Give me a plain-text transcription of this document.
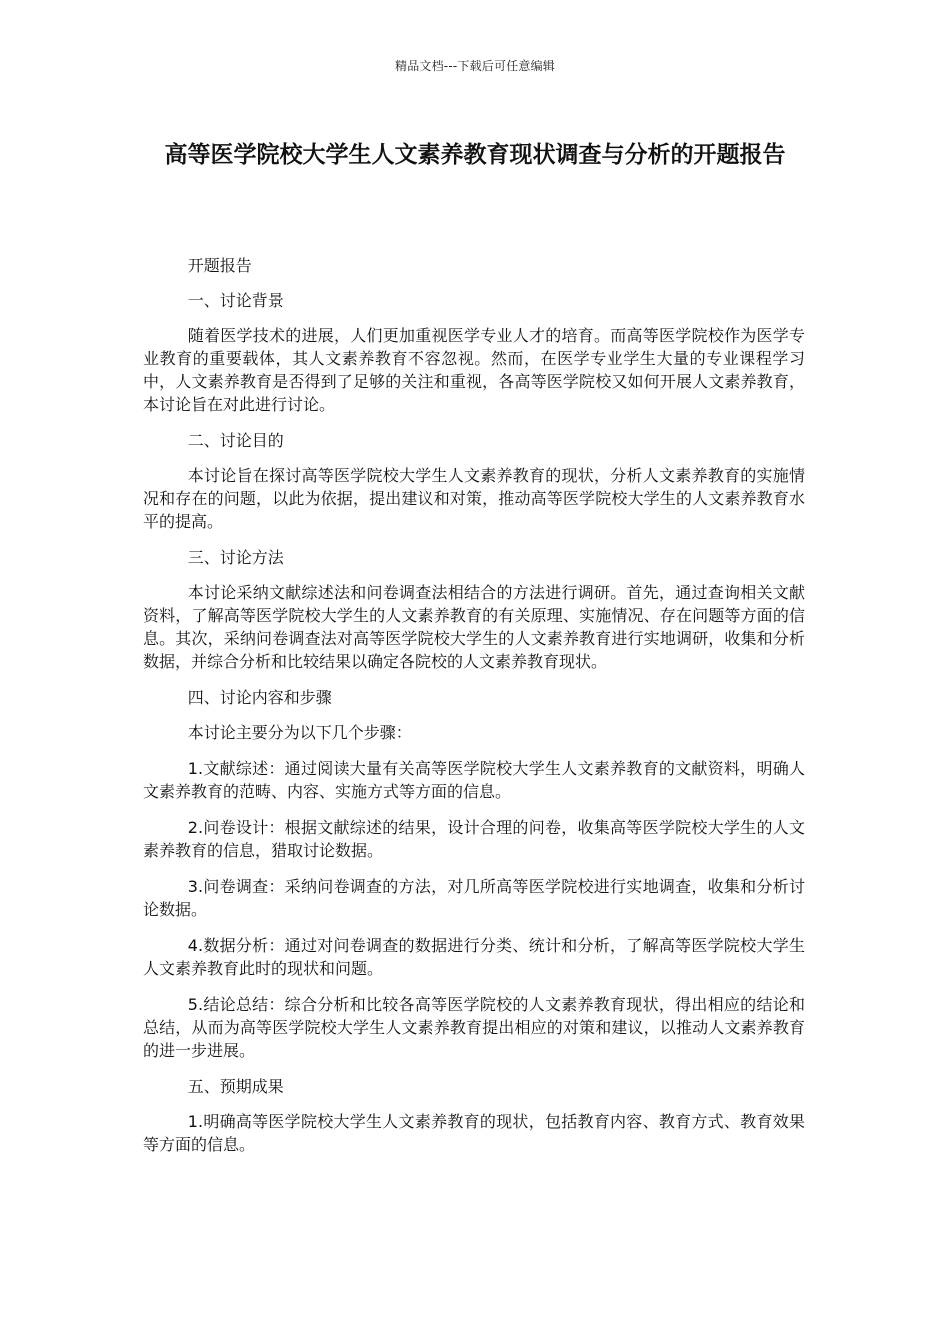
精品文档---下载后可任意编辑
高等医学院校大学生人文素养教育现状调查与分析的开题报告

开题报告

一、讨论背景

随着医学技术的进展，人们更加重视医学专业人才的培育。而高等医学院校作为医学专业教育的重要载体，其人文素养教育不容忽视。然而，在医学专业学生大量的专业课程学习中，人文素养教育是否得到了足够的关注和重视，各高等医学院校又如何开展人文素养教育，本讨论旨在对此进行讨论。

二、讨论目的

本讨论旨在探讨高等医学院校大学生人文素养教育的现状，分析人文素养教育的实施情况和存在的问题，以此为依据，提出建议和对策，推动高等医学院校大学生的人文素养教育水平的提高。

三、讨论方法

本讨论采纳文献综述法和问卷调查法相结合的方法进行调研。首先，通过查询相关文献资料，了解高等医学院校大学生的人文素养教育的有关原理、实施情况、存在问题等方面的信息。其次，采纳问卷调查法对高等医学院校大学生的人文素养教育进行实地调研，收集和分析数据，并综合分析和比较结果以确定各院校的人文素养教育现状。

四、讨论内容和步骤

本讨论主要分为以下几个步骤：

1.文献综述：通过阅读大量有关高等医学院校大学生人文素养教育的文献资料，明确人文素养教育的范畴、内容、实施方式等方面的信息。

2.问卷设计：根据文献综述的结果，设计合理的问卷，收集高等医学院校大学生的人文素养教育的信息，猎取讨论数据。

3.问卷调查：采纳问卷调查的方法，对几所高等医学院校进行实地调查，收集和分析讨论数据。

4.数据分析：通过对问卷调查的数据进行分类、统计和分析，了解高等医学院校大学生人文素养教育此时的现状和问题。

5.结论总结：综合分析和比较各高等医学院校的人文素养教育现状，得出相应的结论和总结，从而为高等医学院校大学生人文素养教育提出相应的对策和建议，以推动人文素养教育的进一步进展。

五、预期成果

1.明确高等医学院校大学生人文素养教育的现状，包括教育内容、教育方式、教育效果等方面的信息。
